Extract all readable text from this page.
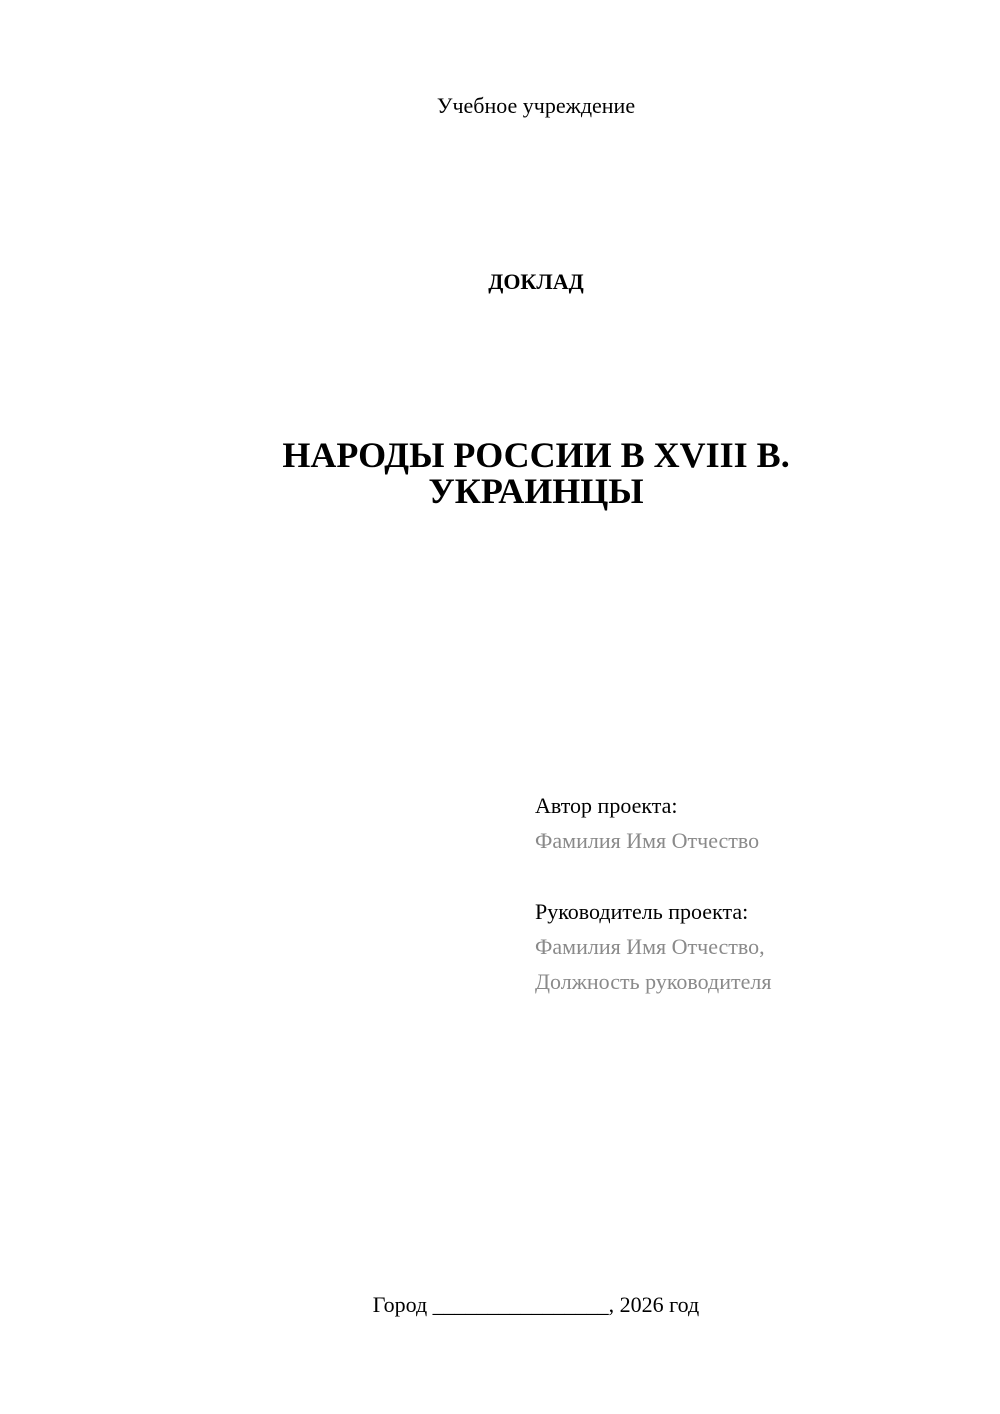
Учебное учреждение
ДОКЛАД
НАРОДЫ РОССИИ В XVIII В.
УКРАИНЦЫ
Автор проекта:
Фамилия Имя Отчество
Руководитель проекта:
Фамилия Имя Отчество,
Должность руководителя
Город ________________, 2026 год
